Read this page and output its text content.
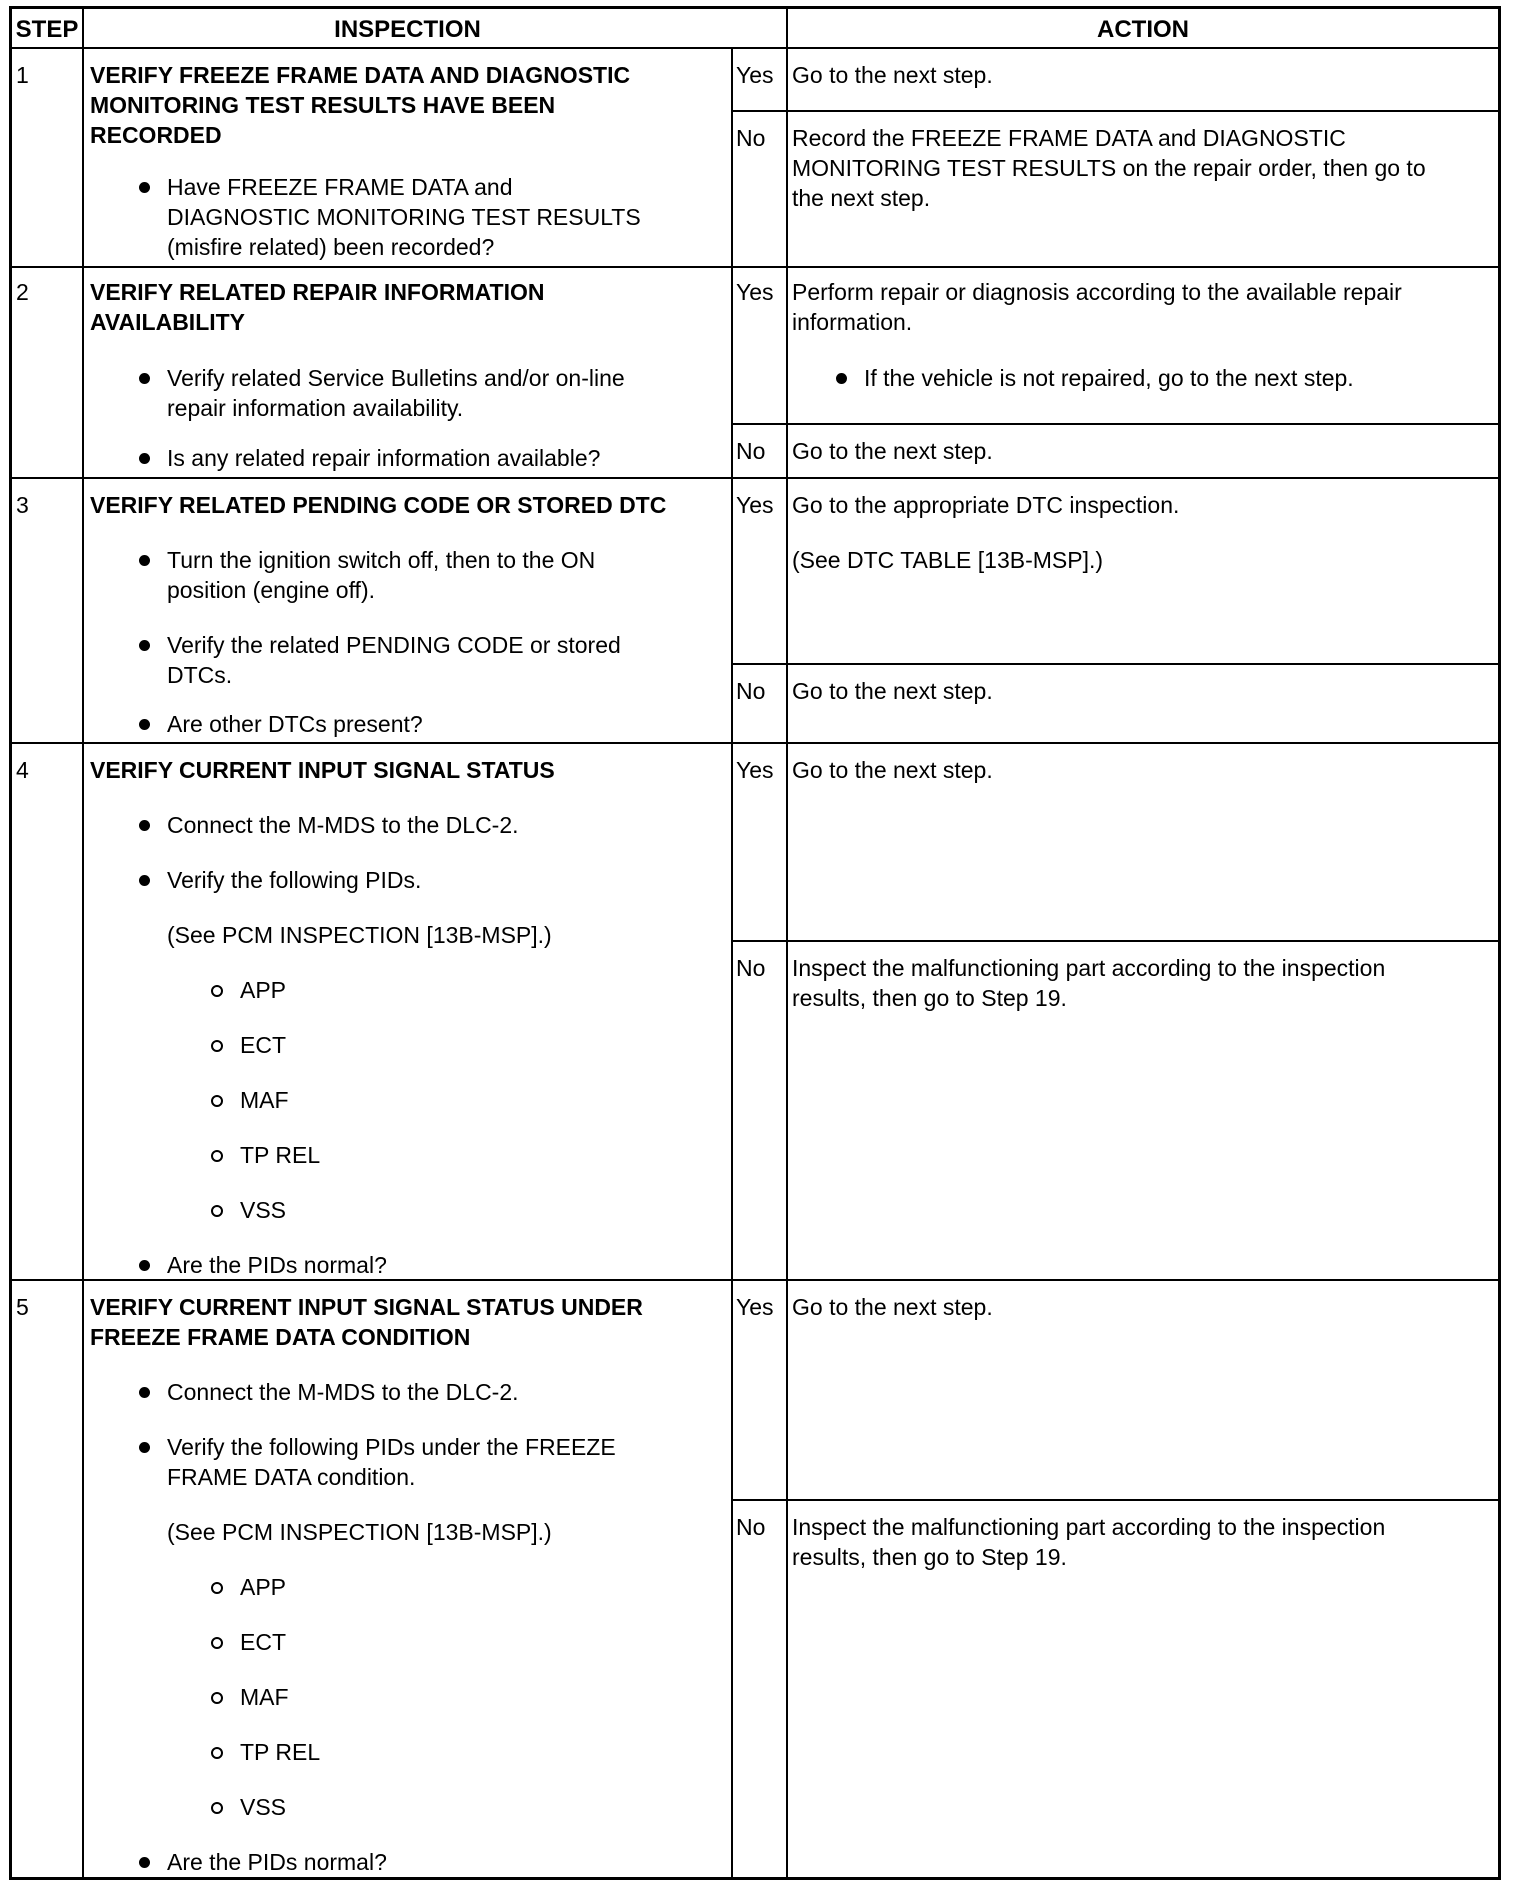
STEP	INSPECTION	ACTION
1	VERIFY FREEZE FRAME DATA AND DIAGNOSTIC
MONITORING TEST RESULTS HAVE BEEN
RECORDED
Have FREEZE FRAME DATA and
DIAGNOSTIC MONITORING TEST RESULTS
(misfire related) been recorded?
Yes Go to the next step.
No Record the FREEZE FRAME DATA and DIAGNOSTIC
MONITORING TEST RESULTS on the repair order, then go to
the next step.
2	VERIFY RELATED REPAIR INFORMATION
AVAILABILITY
Verify related Service Bulletins and/or on-line
repair information availability.
Is any related repair information available?
Yes Perform repair or diagnosis according to the available repair
information.
If the vehicle is not repaired, go to the next step.
No Go to the next step.
3	VERIFY RELATED PENDING CODE OR STORED DTC
Turn the ignition switch off, then to the ON
position (engine off).
Verify the related PENDING CODE or stored
DTCs.
Are other DTCs present?
Yes Go to the appropriate DTC inspection.
(See DTC TABLE [13B-MSP].)
No Go to the next step.
4	VERIFY CURRENT INPUT SIGNAL STATUS
Connect the M-MDS to the DLC-2.
Verify the following PIDs.
(See PCM INSPECTION [13B-MSP].)
APP
ECT
MAF
TP REL
VSS
Are the PIDs normal?
Yes Go to the next step.
No Inspect the malfunctioning part according to the inspection
results, then go to Step 19.
5	VERIFY CURRENT INPUT SIGNAL STATUS UNDER
FREEZE FRAME DATA CONDITION
Connect the M-MDS to the DLC-2.
Verify the following PIDs under the FREEZE
FRAME DATA condition.
(See PCM INSPECTION [13B-MSP].)
APP
ECT
MAF
TP REL
VSS
Are the PIDs normal?
Yes Go to the next step.
No Inspect the malfunctioning part according to the inspection
results, then go to Step 19.
